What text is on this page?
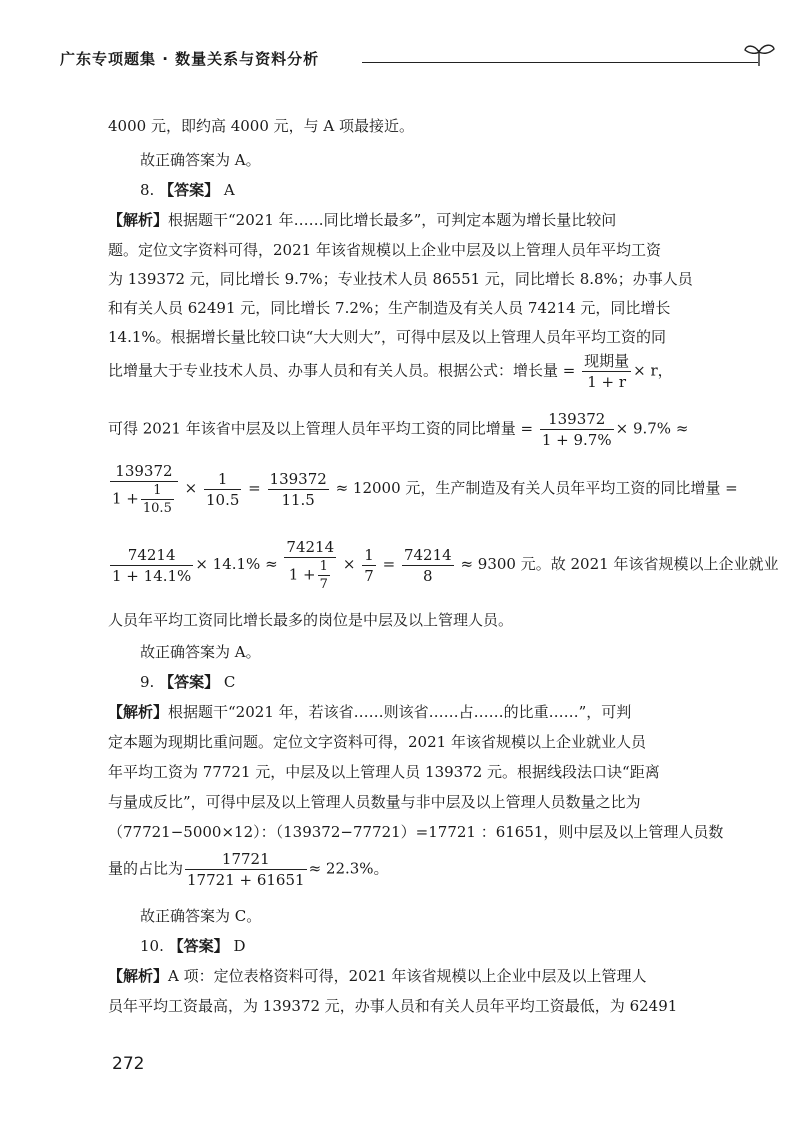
广东专项题集 · 数量关系与资料分析
4000 元，即约高 4000 元，与 A 项最接近。
故正确答案为 A。
8. 【答案】 A
【解析】根据题干“2021 年……同比增长最多”，可判定本题为增长量比较问
题。定位文字资料可得，2021 年该省规模以上企业中层及以上管理人员年平均工资
为 139372 元，同比增长 9.7%；专业技术人员 86551 元，同比增长 8.8%；办事人员
和有关人员 62491 元，同比增长 7.2%；生产制造及有关人员 74214 元，同比增长
14.1%。根据增长量比较口诀“大大则大”，可得中层及以上管理人员年平均工资的同
比增量大于专业技术人员、办事人员和有关人员。根据公式：增长量 = $\frac{\text{现期量}}{1 + r} \times r$，
可得 2021 年该省中层及以上管理人员年平均工资的同比增量 = $\frac{139372}{1 + 9.7\%} \times 9.7\%$ ≈
$\frac{139372}{1 + \frac{1}{10.5}} \times \frac{1}{10.5} = \frac{139372}{11.5} \approx 12000$ 元，生产制造及有关人员年平均工资的同比增量 =
$\frac{74214}{1 + 14.1\%} \times 14.1\% \approx \frac{74214}{1 + \frac{1}{7}} \times \frac{1}{7} = \frac{74214}{8} \approx 9300$ 元。故 2021 年该省规模以上企业就业
人员年平均工资同比增长最多的岗位是中层及以上管理人员。
故正确答案为 A。
9. 【答案】 C
【解析】根据题干“2021 年，若该省……则该省……占……的比重……”，可判
定本题为现期比重问题。定位文字资料可得，2021 年该省规模以上企业就业人员
年平均工资为 77721 元，中层及以上管理人员 139372 元。根据线段法口诀“距离
与量成反比”，可得中层及以上管理人员数量与非中层及以上管理人员数量之比为
（77721−5000×12）：（139372−77721）=17721 ：61651，则中层及以上管理人员数
量的占比为 $\frac{17721}{17721 + 61651} \approx 22.3\%$。
故正确答案为 C。
10. 【答案】 D
【解析】A 项：定位表格资料可得，2021 年该省规模以上企业中层及以上管理人
员年平均工资最高，为 139372 元，办事人员和有关人员年平均工资最低，为 62491
272
